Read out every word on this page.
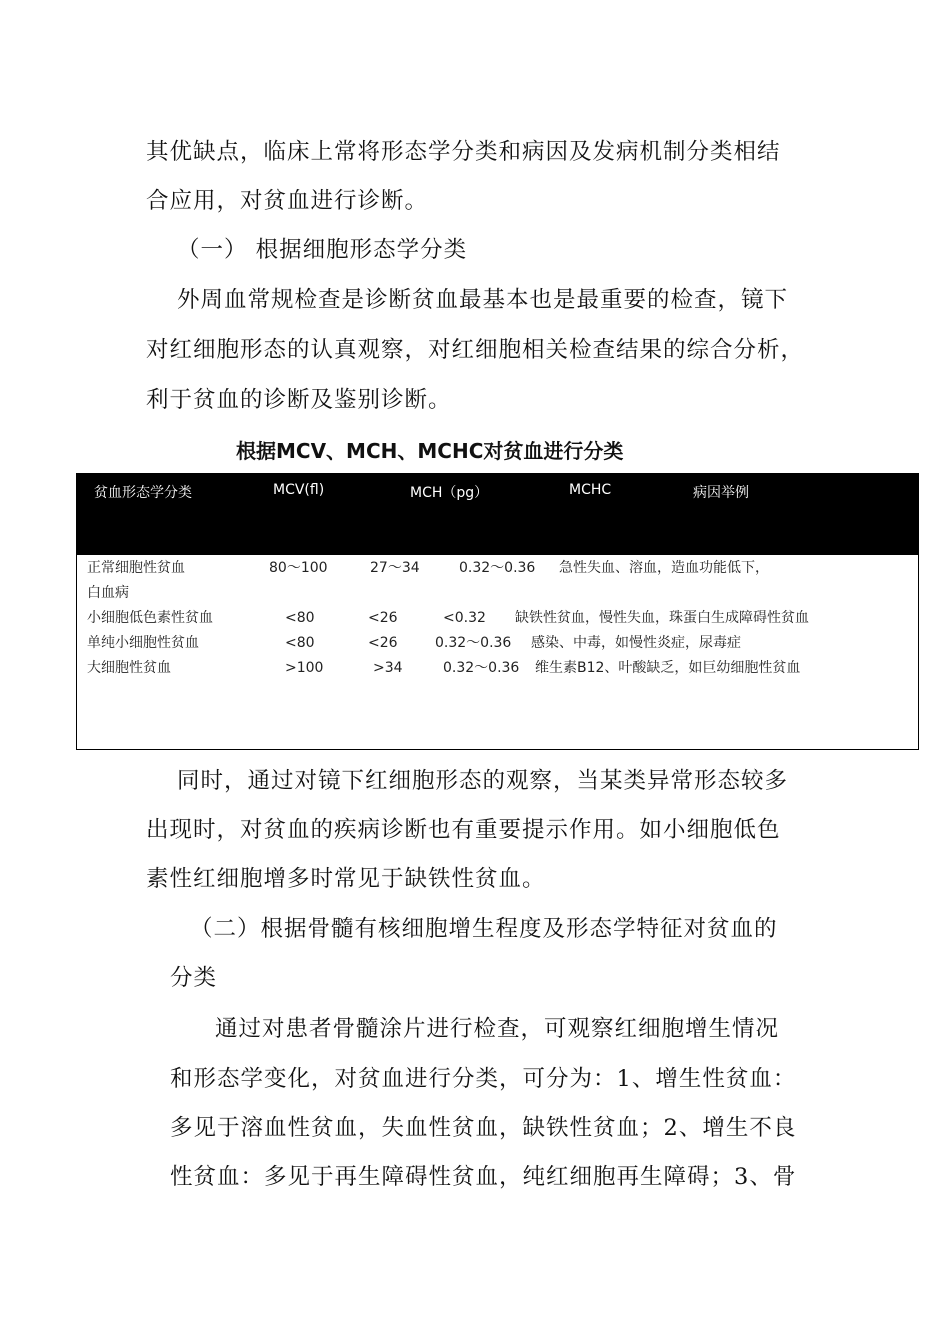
其优缺点，临床上常将形态学分类和病因及发病机制分类相结
合应用，对贫血进行诊断。
（一） 根据细胞形态学分类
外周血常规检查是诊断贫血最基本也是最重要的检查，镜下
对红细胞形态的认真观察，对红细胞相关检查结果的综合分析，
利于贫血的诊断及鉴别诊断。
根据MCV、MCH、MCHC对贫血进行分类
贫血形态学分类	MCV(fl)	MCH（pg）	MCHC	病因举例
正常细胞性贫血	80～100	27～34	0.32～0.36 急性失血、溶血，造血功能低下，
白血病
小细胞低色素性贫血	<80	<26	<0.32 缺铁性贫血，慢性失血，珠蛋白生成障碍性贫血
单纯小细胞性贫血	<80	<26	0.32～0.36 感染、中毒，如慢性炎症，尿毒症
大细胞性贫血	>100	>34	0.32～0.36 维生素B12、叶酸缺乏，如巨幼细胞性贫血
同时，通过对镜下红细胞形态的观察，当某类异常形态较多
出现时，对贫血的疾病诊断也有重要提示作用。如小细胞低色
素性红细胞增多时常见于缺铁性贫血。
（二）根据骨髓有核细胞增生程度及形态学特征对贫血的
分类
通过对患者骨髓涂片进行检查，可观察红细胞增生情况
和形态学变化，对贫血进行分类，可分为：1、增生性贫血：
多见于溶血性贫血，失血性贫血，缺铁性贫血；2、增生不良
性贫血：多见于再生障碍性贫血，纯红细胞再生障碍；3、骨
